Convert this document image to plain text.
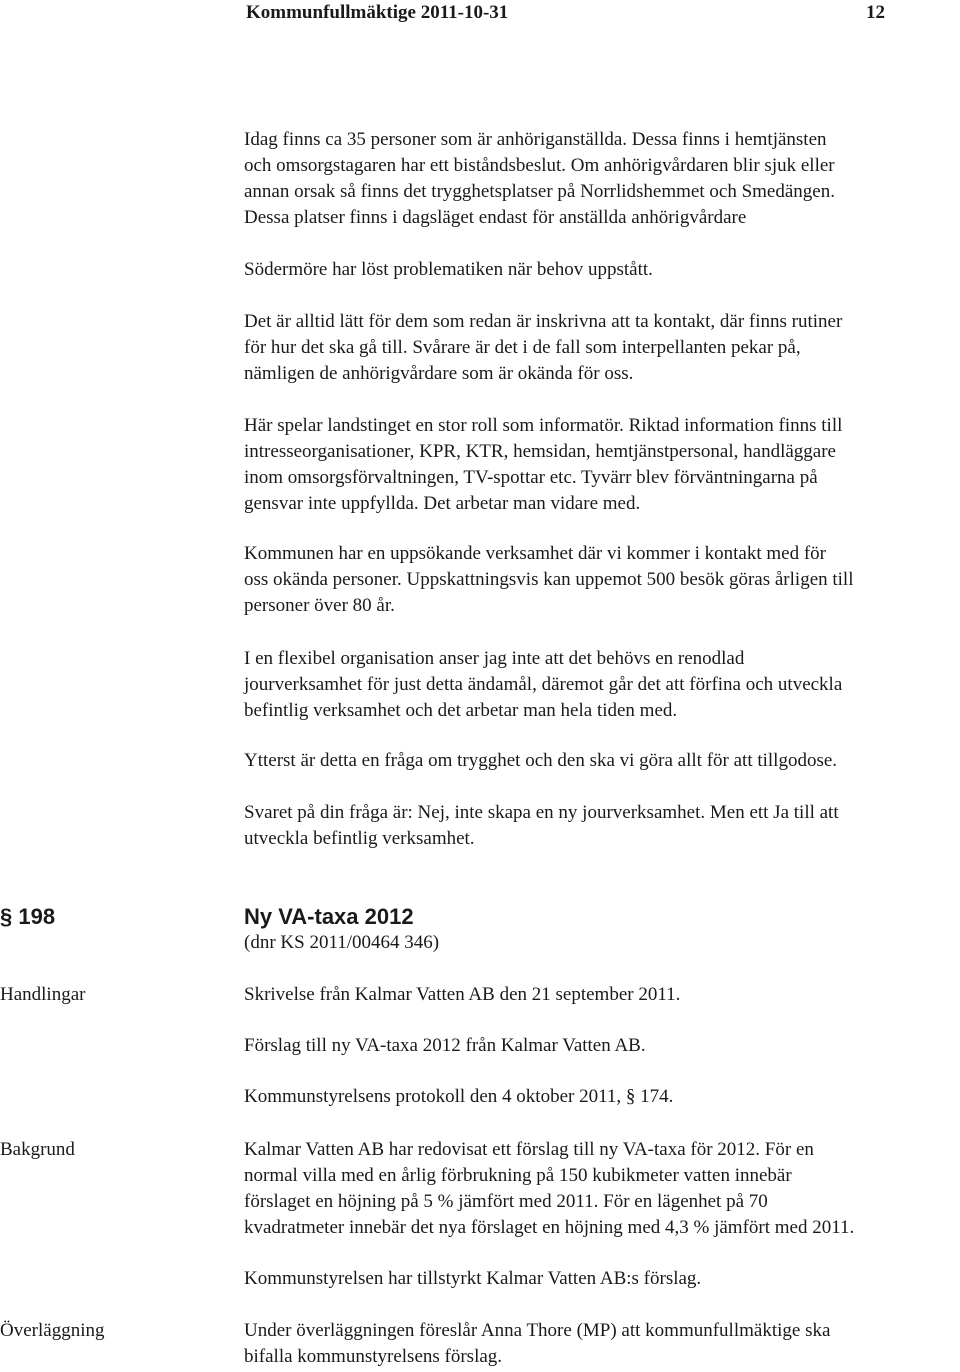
Kommunfullmäktige 2011-10-31	12
Idag finns ca 35 personer som är anhöriganställda. Dessa finns i hemtjänsten
och omsorgstagaren har ett biståndsbeslut. Om anhörigvårdaren blir sjuk eller
annan orsak så finns det trygghetsplatser på Norrlidshemmet och Smedängen.
Dessa platser finns i dagsläget endast för anställda anhörigvårdare
Södermöre har löst problematiken när behov uppstått.
Det är alltid lätt för dem som redan är inskrivna att ta kontakt, där finns rutiner
för hur det ska gå till. Svårare är det i de fall som interpellanten pekar på,
nämligen de anhörigvårdare som är okända för oss.
Här spelar landstinget en stor roll som informatör. Riktad information finns till
intresseorganisationer, KPR, KTR, hemsidan, hemtjänstpersonal, handläggare
inom omsorgsförvaltningen, TV-spottar etc. Tyvärr blev förväntningarna på
gensvar inte uppfyllda. Det arbetar man vidare med.
Kommunen har en uppsökande verksamhet där vi kommer i kontakt med för
oss okända personer. Uppskattningsvis kan uppemot 500 besök göras årligen till
personer över 80 år.
I en flexibel organisation anser jag inte att det behövs en renodlad
jourverksamhet för just detta ändamål, däremot går det att förfina och utveckla
befintlig verksamhet och det arbetar man hela tiden med.
Ytterst är detta en fråga om trygghet och den ska vi göra allt för att tillgodose.
Svaret på din fråga är: Nej, inte skapa en ny jourverksamhet. Men ett Ja till att
utveckla befintlig verksamhet.
§ 198	Ny VA-taxa 2012
(dnr KS 2011/00464 346)
Handlingar	Skrivelse från Kalmar Vatten AB den 21 september 2011.
Förslag till ny VA-taxa 2012 från Kalmar Vatten AB.
Kommunstyrelsens protokoll den 4 oktober 2011, § 174.
Bakgrund	Kalmar Vatten AB har redovisat ett förslag till ny VA-taxa för 2012. För en
normal villa med en årlig förbrukning på 150 kubikmeter vatten innebär
förslaget en höjning på 5 % jämfört med 2011. För en lägenhet på 70
kvadratmeter innebär det nya förslaget en höjning med 4,3 % jämfört med 2011.
Kommunstyrelsen har tillstyrkt Kalmar Vatten AB:s förslag.
Överläggning	Under överläggningen föreslår Anna Thore (MP) att kommunfullmäktige ska
bifalla kommunstyrelsens förslag.
